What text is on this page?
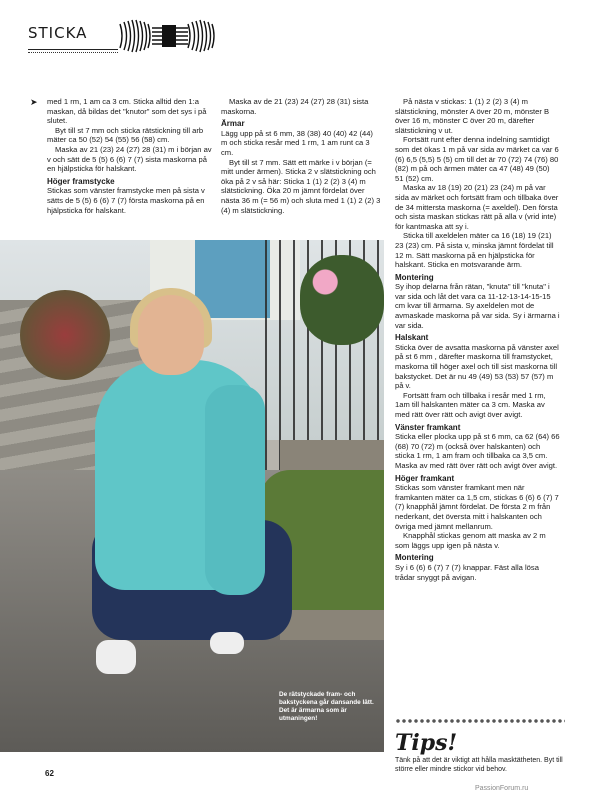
STICKA
➤ med 1 rm, 1 am ca 3 cm. Sticka alltid den 1:a maskan, då bildas det "knutor" som det sys i på slutet.

Byt till st 7 mm och sticka rätstickning till arb mäter ca 50 (52) 54 (55) 56 (58) cm.

Maska av 21 (23) 24 (27) 28 (31) m i början av v och sätt de 5 (5) 6 (6) 7 (7) sista maskorna på en hjälpsticka för halskant.

Höger framstycke

Stickas som vänster framstycke men på sista v sätts de 5 (5) 6 (6) 7 (7) första maskorna på en hjälpsticka för halskant.

Maska av de 21 (23) 24 (27) 28 (31) sista maskorna.

Ärmar

Lägg upp på st 6 mm, 38 (38) 40 (40) 42 (44) m och sticka resår med 1 rm, 1 am runt ca 3 cm.

Byt till st 7 mm. Sätt ett märke i v början (= mitt under ärmen). Sticka 2 v slätstickning och öka på 2 v så här: Sticka 1 (1) 2 (2) 3 (4) m slätstickning. Öka 20 m jämnt fördelat över nästa 36 m (= 56 m) och sluta med 1 (1) 2 (2) 3 (4) m slätstickning.

På nästa v stickas: 1 (1) 2 (2) 3 (4) m slätstickning, mönster A över 20 m, mönster B över 16 m, mönster C över 20 m, därefter slätstickning v ut.

Fortsätt runt efter denna indelning samtidigt som det ökas 1 m på var sida av märket ca var 6 (6) 6,5 (5,5) 5 (5) cm till det är 70 (72) 74 (76) 80 (82) m på och ärmen mäter ca 47 (48) 49 (50) 51 (52) cm.

Maska av 18 (19) 20 (21) 23 (24) m på var sida av märket och fortsätt fram och tillbaka över de 34 mittersta maskorna (= axeldel). Den första och sista maskan stickas rätt på alla v (vrid inte) för kantmaska att sy i.

Sticka till axeldelen mäter ca 16 (18) 19 (21) 23 (23) cm. På sista v, minska jämnt fördelat till 12 m. Sätt maskorna på en hjälpsticka för halskant. Sticka en motsvarande ärm.

Montering

Sy ihop delarna från rätan, "knuta" till "knuta" i var sida och låt det vara ca 11-12-13-14-15-15 cm kvar till ärmarna. Sy axeldelen mot de avmaskade maskorna på var sida. Sy i ärmarna i var sida.

Halskant

Sticka över de avsatta maskorna på vänster axel på st 6 mm , därefter maskorna till framstycket, maskorna till höger axel och till sist maskorna till bakstycket. Det är nu 49 (49) 53 (53) 57 (57) m på v.

Fortsätt fram och tillbaka i resår med 1 rm, 1am till halskanten mäter ca 3 cm. Maska av med rätt över rätt och avigt över avigt.

Vänster framkant

Sticka eller plocka upp på st 6 mm, ca 62 (64) 66 (68) 70 (72) m (också över halskanten) och sticka 1 rm, 1 am fram och tillbaka ca 3,5 cm. Maska av med rätt över rätt och avigt över avigt.

Höger framkant

Stickas som vänster framkant men när framkanten mäter ca 1,5 cm, stickas 6 (6) 6 (7) 7 (7) knapphål jämnt fördelat. De första 2 m från nederkant, det översta mitt i halskanten och övriga med jämnt mellanrum.

Knapphål stickas genom att maska av 2 m som läggs upp igen på nästa v.

Montering

Sy i 6 (6) 6 (7) 7 (7) knappar. Fäst alla lösa trådar snyggt på avigan.

De rätstyckade fram- och bakstyckena går dansande lätt. Det är ärmarna som är utmaningen!
Tips!
Tänk på att det är viktigt att hålla masktätheten. Byt till större eller mindre stickor vid behov.
62
PassionForum.ru
